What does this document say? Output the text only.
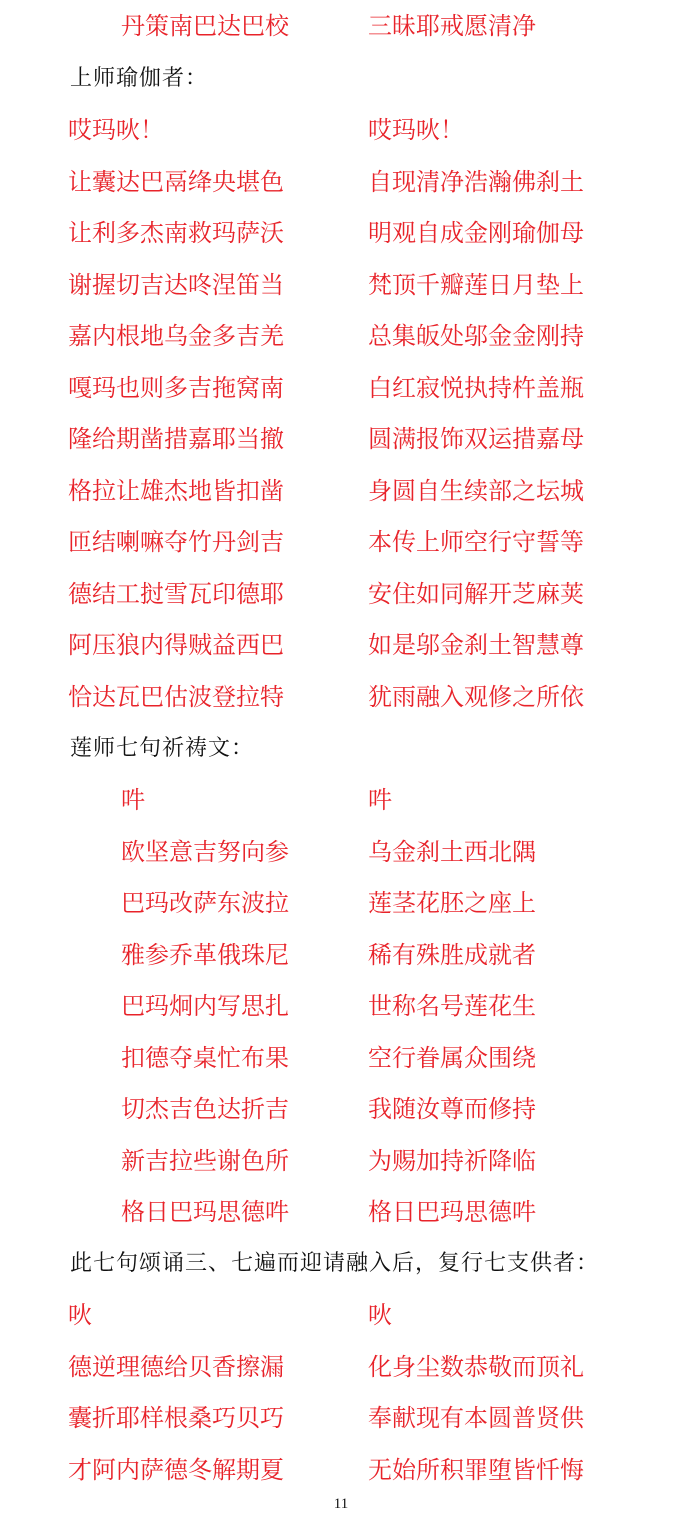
丹策南巴达巴校	三昧耶戒愿清净
上师瑜伽者：
哎玛吙！	哎玛吙！
让囊达巴鬲绛央堪色	自现清净浩瀚佛刹土
让利多杰南救玛萨沃	明观自成金刚瑜伽母
谢握切吉达咚涅笛当	梵顶千瓣莲日月垫上
嘉内根地乌金多吉羌	总集皈处邬金金刚持
嘎玛也则多吉拖窝南	白红寂悦执持杵盖瓶
隆给期凿措嘉耶当撤	圆满报饰双运措嘉母
格拉让雄杰地皆扣凿	身圆自生续部之坛城
匝结喇嘛夺竹丹剑吉	本传上师空行守誓等
德结工挝雪瓦印德耶	安住如同解开芝麻荚
阿压狼内得贼益西巴	如是邬金刹土智慧尊
恰达瓦巴估波登拉特	犹雨融入观修之所依
莲师七句祈祷文：
吽	吽
欧坚意吉努向参	乌金刹土西北隅
巴玛改萨东波拉	莲茎花胚之座上
雅参乔革俄珠尼	稀有殊胜成就者
巴玛炯内写思扎	世称名号莲花生
扣德夺桌忙布果	空行眷属众围绕
切杰吉色达折吉	我随汝尊而修持
新吉拉些谢色所	为赐加持祈降临
格日巴玛思德吽	格日巴玛思德吽
此七句颂诵三、七遍而迎请融入后，复行七支供者：
吙	吙
德逆理德给贝香擦漏	化身尘数恭敬而顶礼
囊折耶样根桑巧贝巧	奉献现有本圆普贤供
才阿内萨德冬解期夏	无始所积罪堕皆忏悔
11
